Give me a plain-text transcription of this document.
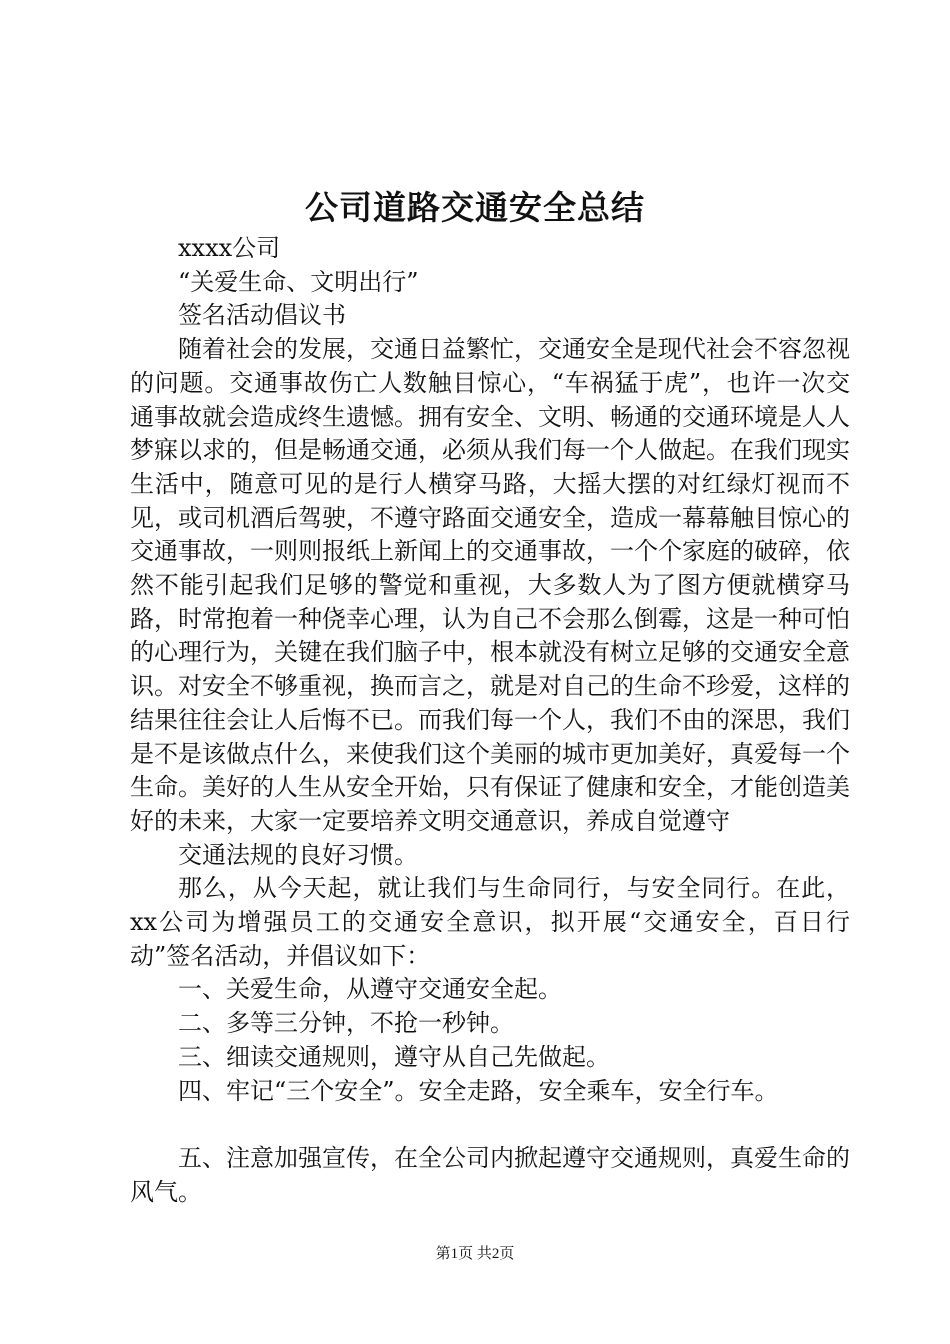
公司道路交通安全总结

xxxx公司

“关爱生命、文明出行”

签名活动倡议书

随着社会的发展，交通日益繁忙，交通安全是现代社会不容忽视的问题。交通事故伤亡人数触目惊心，“车祸猛于虎”，也许一次交通事故就会造成终生遗憾。拥有安全、文明、畅通的交通环境是人人梦寐以求的，但是畅通交通，必须从我们每一个人做起。在我们现实生活中，随意可见的是行人横穿马路，大摇大摆的对红绿灯视而不见，或司机酒后驾驶，不遵守路面交通安全，造成一幕幕触目惊心的交通事故，一则则报纸上新闻上的交通事故，一个个家庭的破碎，依然不能引起我们足够的警觉和重视，大多数人为了图方便就横穿马路，时常抱着一种侥幸心理，认为自己不会那么倒霉，这是一种可怕的心理行为，关键在我们脑子中，根本就没有树立足够的交通安全意识。对安全不够重视，换而言之，就是对自己的生命不珍爱，这样的结果往往会让人后悔不已。而我们每一个人，我们不由的深思，我们是不是该做点什么，来使我们这个美丽的城市更加美好，真爱每一个生命。美好的人生从安全开始，只有保证了健康和安全，才能创造美好的未来，大家一定要培养文明交通意识，养成自觉遵守

交通法规的良好习惯。

那么，从今天起，就让我们与生命同行，与安全同行。在此，xx公司为增强员工的交通安全意识，拟开展“交通安全，百日行动”签名活动，并倡议如下：

一、关爱生命，从遵守交通安全起。

二、多等三分钟，不抢一秒钟。

三、细读交通规则，遵守从自己先做起。

四、牢记“三个安全”。安全走路，安全乘车，安全行车。

五、注意加强宣传，在全公司内掀起遵守交通规则，真爱生命的风气。

第1页 共2页
